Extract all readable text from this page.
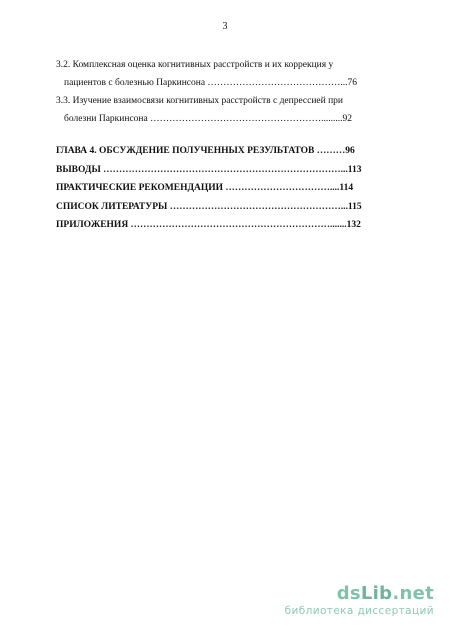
3
3.2. Комплексная оценка когнитивных расстройств и их коррекция у
пациентов с болезнью Паркинсона ……………………………………...76
3.3. Изучение взаимосвязи когнитивных расстройств с депрессией при
болезни Паркинсона ……………………………………………….........92
ГЛАВА 4. ОБСУЖДЕНИЕ ПОЛУЧЕННЫХ РЕЗУЛЬТАТОВ ………96
ВЫВОДЫ …………………………………………………………………...113
ПРАКТИЧЕСКИЕ РЕКОМЕНДАЦИИ ……………………………....114
СПИСОК ЛИТЕРАТУРЫ ………………………………………………...115
ПРИЛОЖЕНИЯ ……………………………………………………….......132
dsLib.net
библиотека диссертаций
